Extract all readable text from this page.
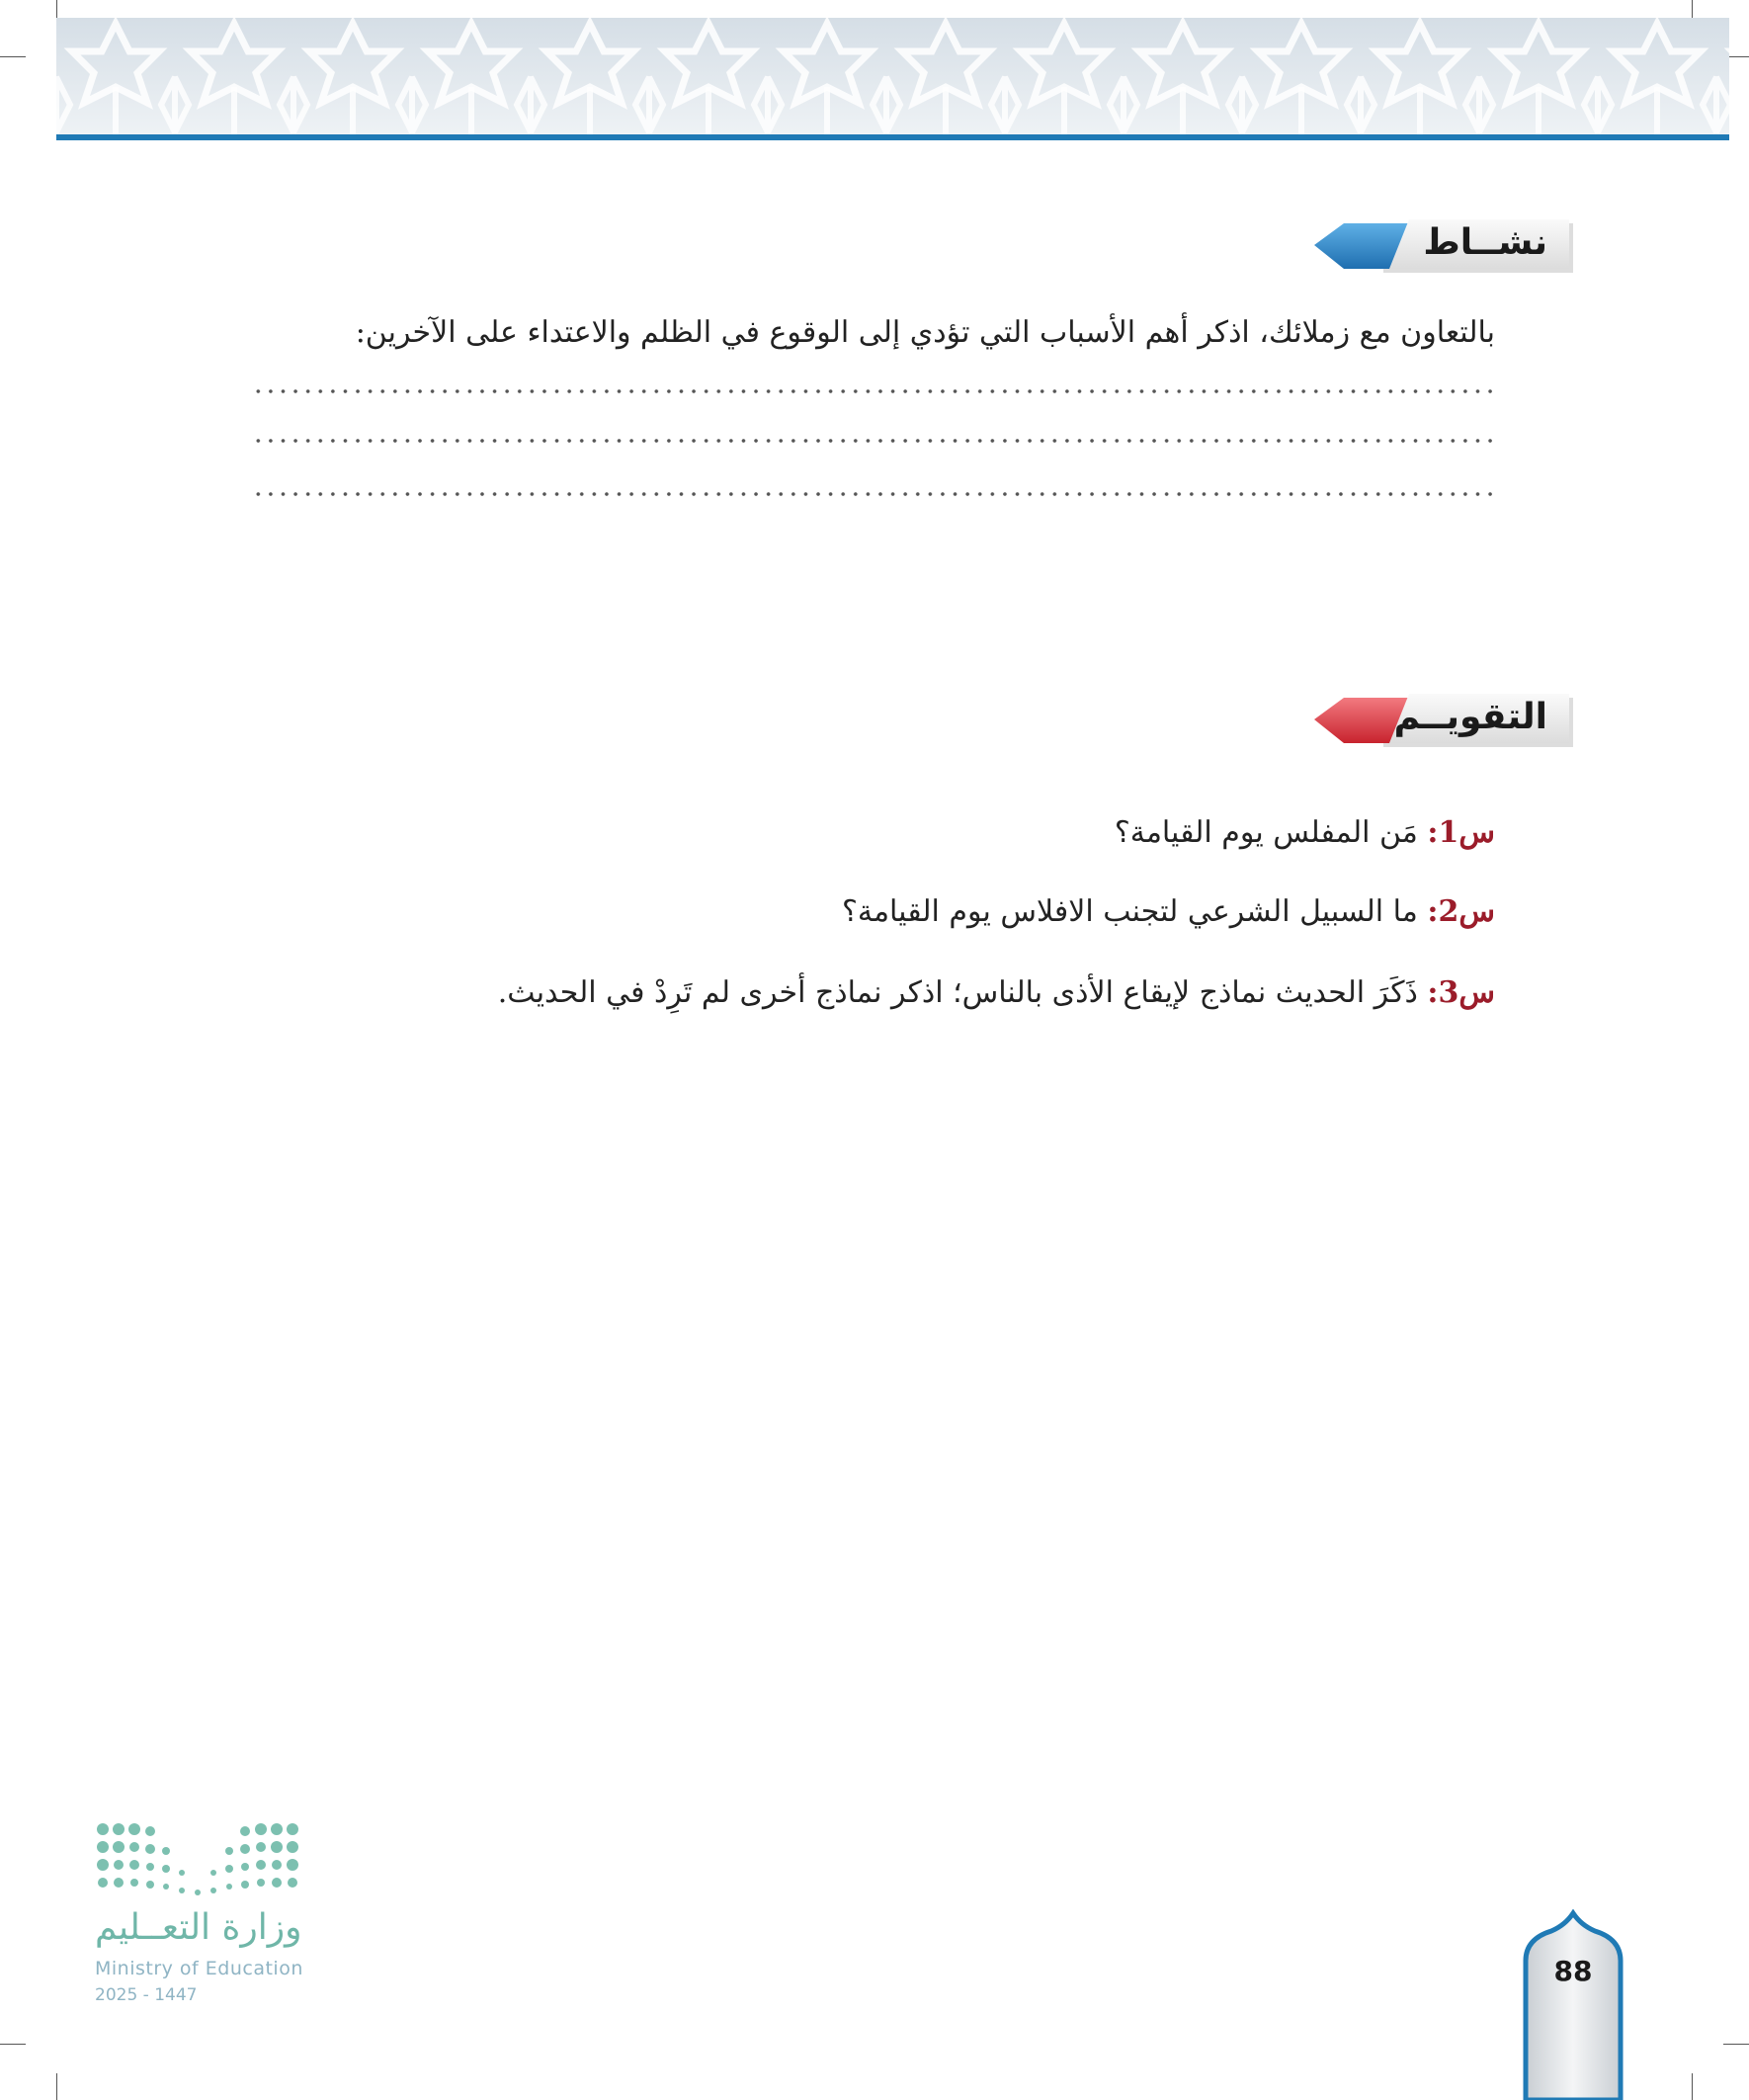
نشــاط
بالتعاون مع زملائك، اذكر أهم الأسباب التي تؤدي إلى الوقوع في الظلم والاعتداء على الآخرين:
التقويــم
س1: مَن المفلس يوم القيامة؟
س2: ما السبيل الشرعي لتجنب الافلاس يوم القيامة؟
س3: ذَكَرَ الحديث نماذج لإيقاع الأذى بالناس؛ اذكر نماذج أخرى لم تَرِدْ في الحديث.
وزارة التعــليم
Ministry of Education
2025 - 1447
88
